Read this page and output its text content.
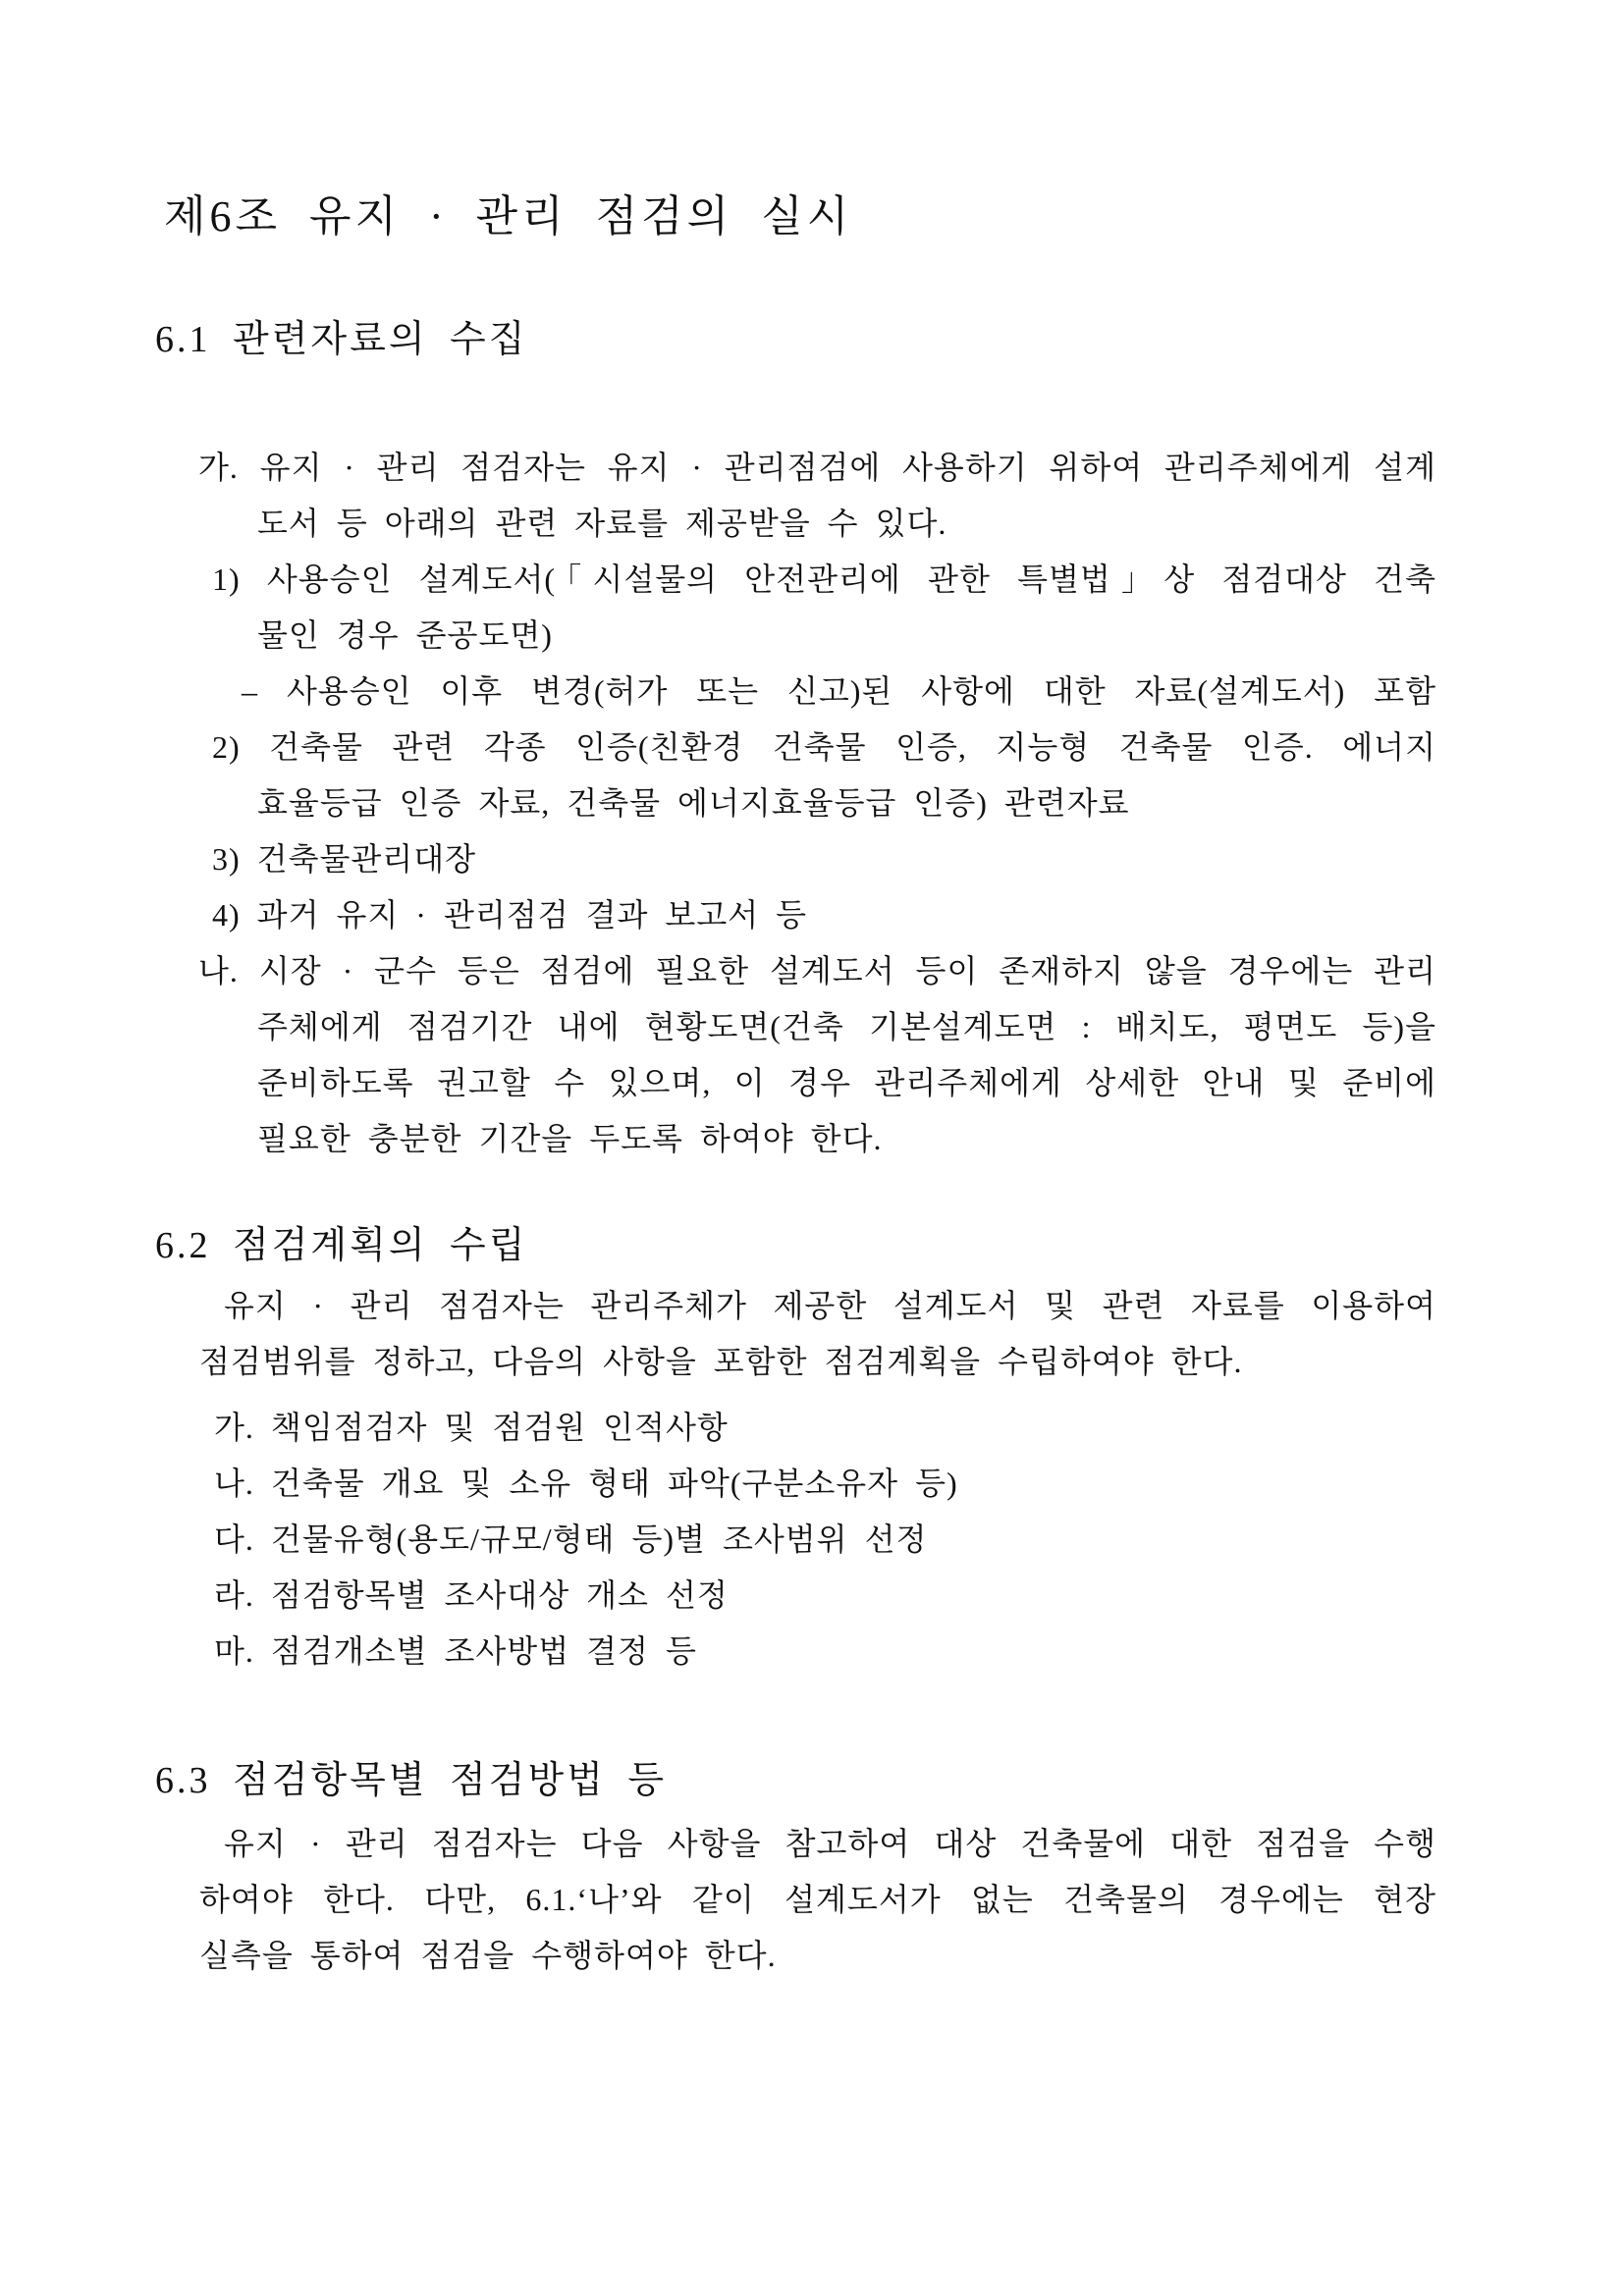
제6조 유지 · 관리 점검의 실시
6.1 관련자료의 수집
가. 유지 · 관리 점검자는 유지 · 관리점검에 사용하기 위하여 관리주체에게 설계
도서 등 아래의 관련 자료를 제공받을 수 있다.
1) 사용승인 설계도서(「시설물의 안전관리에 관한 특별법」상 점검대상 건축
물인 경우 준공도면)
– 사용승인 이후 변경(허가 또는 신고)된 사항에 대한 자료(설계도서) 포함
2) 건축물 관련 각종 인증(친환경 건축물 인증, 지능형 건축물 인증. 에너지
효율등급 인증 자료, 건축물 에너지효율등급 인증) 관련자료
3) 건축물관리대장
4) 과거 유지 · 관리점검 결과 보고서 등
나. 시장 · 군수 등은 점검에 필요한 설계도서 등이 존재하지 않을 경우에는 관리
주체에게 점검기간 내에 현황도면(건축 기본설계도면 : 배치도, 평면도 등)을
준비하도록 권고할 수 있으며, 이 경우 관리주체에게 상세한 안내 및 준비에
필요한 충분한 기간을 두도록 하여야 한다.
6.2 점검계획의 수립
유지 · 관리 점검자는 관리주체가 제공한 설계도서 및 관련 자료를 이용하여
점검범위를 정하고, 다음의 사항을 포함한 점검계획을 수립하여야 한다.
가. 책임점검자 및 점검원 인적사항
나. 건축물 개요 및 소유 형태 파악(구분소유자 등)
다. 건물유형(용도/규모/형태 등)별 조사범위 선정
라. 점검항목별 조사대상 개소 선정
마. 점검개소별 조사방법 결정 등
6.3 점검항목별 점검방법 등
유지 · 관리 점검자는 다음 사항을 참고하여 대상 건축물에 대한 점검을 수행
하여야 한다. 다만, 6.1.‘나’와 같이 설계도서가 없는 건축물의 경우에는 현장
실측을 통하여 점검을 수행하여야 한다.
